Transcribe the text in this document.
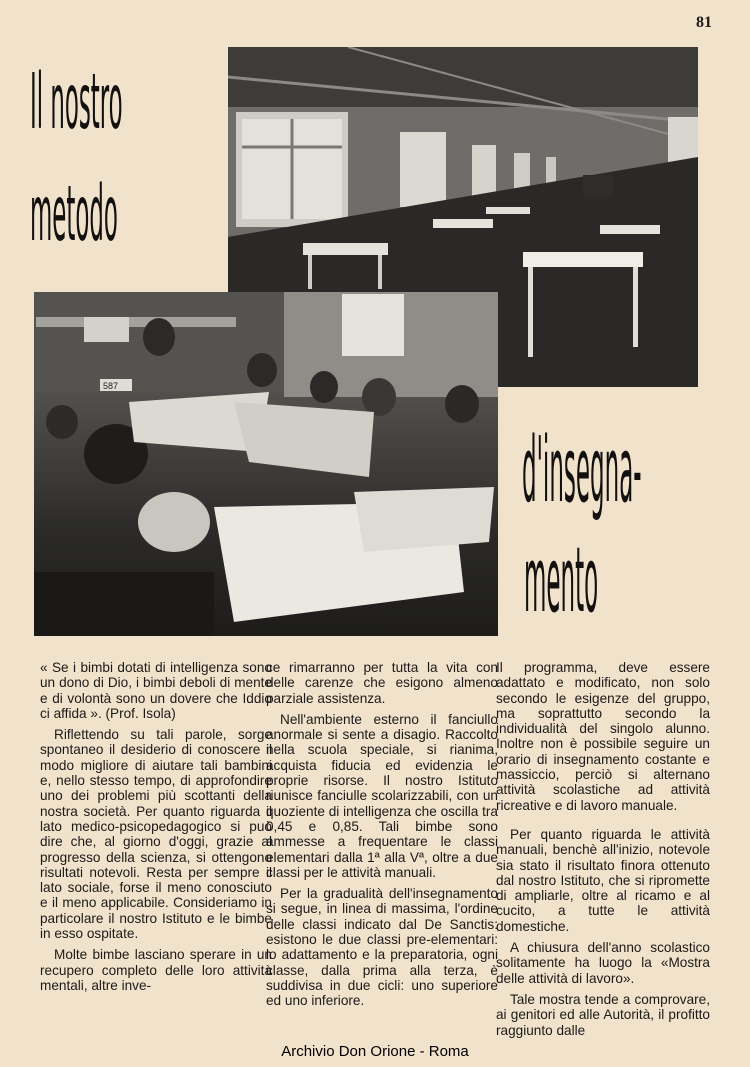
81
Il nostro
metodo
587
d'insegna-
mento

« Se i bimbi dotati di intelligenza sono un dono di Dio, i bimbi deboli di mente e di volontà sono un dovere che Iddio ci affida ». (Prof. Isola)

Riflettendo su tali parole, sorge spontaneo il desiderio di conoscere il modo migliore di aiutare tali bambini e, nello stesso tempo, di approfondire uno dei problemi più scottanti della nostra società. Per quanto riguarda il lato medico-psicopedagogico si può dire che, al giorno d'oggi, grazie al progresso della scienza, si ottengono risultati notevoli. Resta per sempre il lato sociale, forse il meno conosciuto e il meno applicabile. Consideriamo in particolare il nostro Istituto e le bimbe in esso ospitate.

Molte bimbe lasciano sperare in un recupero completo delle loro attività mentali, altre inve-

ce rimarranno per tutta la vita con delle carenze che esigono almeno parziale assistenza.

Nell'ambiente esterno il fanciullo anormale si sente a disagio. Raccolto nella scuola speciale, si rianima, acquista fiducia ed evidenzia le proprie risorse. Il nostro Istituto riunisce fanciulle scolarizzabili, con un quoziente di intelligenza che oscilla tra 0,45 e 0,85. Tali bimbe sono ammesse a frequentare le classi elementari dalla 1ª alla Vª, oltre a due classi per le attività manuali.

Per la gradualità dell'insegnamento si segue, in linea di massima, l'ordine delle classi indicato dal De Sanctis: esistono le due classi pre-elementari: lo adattamento e la preparatoria, ogni classe, dalla prima alla terza, è suddivisa in due cicli: uno superiore ed uno inferiore.

Il programma, deve essere adattato e modificato, non solo secondo le esigenze del gruppo, ma soprattutto secondo la individualità del singolo alunno. Inoltre non è possibile seguire un orario di insegnamento costante e massiccio, perciò si alternano attività scolastiche ad attività ricreative e di lavoro manuale.

Per quanto riguarda le attività manuali, benchè all'inizio, notevole sia stato il risultato finora ottenuto dal nostro Istituto, che si ripromette di ampliarle, oltre al ricamo e al cucito, a tutte le attività domestiche.

A chiusura dell'anno scolastico solitamente ha luogo la «Mostra delle attività di lavoro».

Tale mostra tende a comprovare, ai genitori ed alle Autorità, il profitto raggiunto dalle

Archivio Don Orione - Roma
